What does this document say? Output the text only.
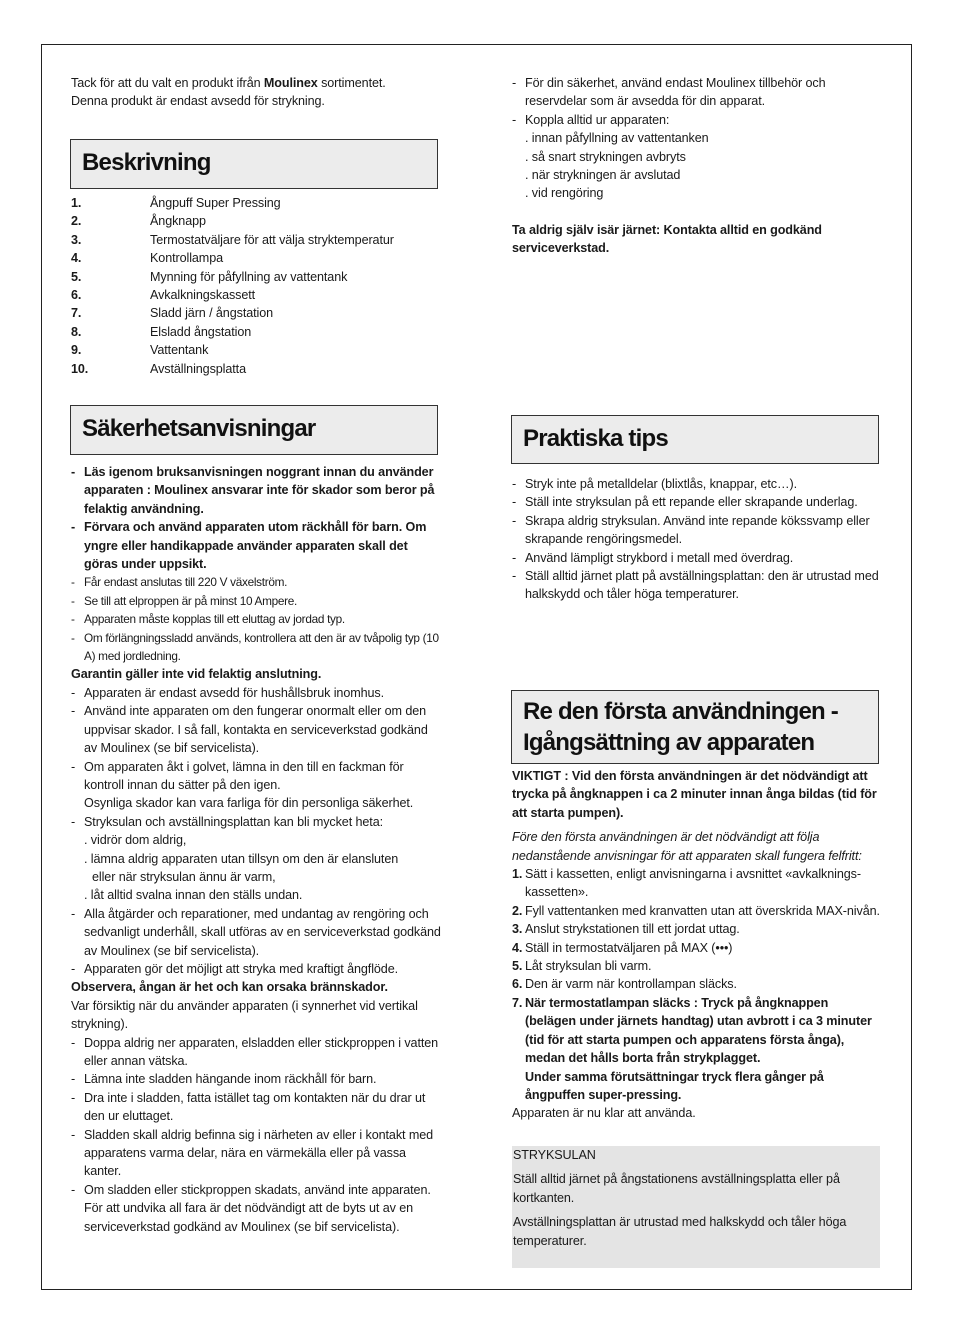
Tack för att du valt en produkt ifrån Moulinex sortimentet.

Denna produkt är endast avsedd för strykning.

Beskrivning
1.	Ångpuff Super Pressing
2.	Ångknapp
3.	Termostatväljare för att välja stryktemperatur
4.	Kontrollampa
5.	Mynning för påfyllning av vattentank
6.	Avkalkningskassett
7.	Sladd järn / ångstation
8.	Elsladd ångstation
9.	Vattentank
10.	Avställningsplatta
Säkerhetsanvisningar
- Läs igenom bruksanvisningen noggrant innan du använder apparaten : Moulinex ansvarar inte för skador som beror på felaktig användning.
- Förvara och använd apparaten utom räckhåll för barn. Om yngre eller handikappade använder apparaten skall det göras under uppsikt.
- Får endast anslutas till 220 V växelström.
- Se till att elproppen är på minst 10 Ampere.
- Apparaten måste kopplas till ett eluttag av jordad typ.
- Om förlängningssladd används, kontrollera att den är av tvåpolig typ (10 A) med jordledning.

Garantin gäller inte vid felaktig anslutning.

- Apparaten är endast avsedd för hushållsbruk inomhus.
- Använd inte apparaten om den fungerar onormalt eller om den uppvisar skador. I så fall, kontakta en serviceverkstad godkänd av Moulinex (se bif servicelista).
- Om apparaten åkt i golvet, lämna in den till en fackman för kontroll innan du sätter på den igen.

Osynliga skador kan vara farliga för din personliga säkerhet.

- Stryksulan och avställningsplattan kan bli mycket heta:

. vidrör dom aldrig,

. lämna aldrig apparaten utan tillsyn om den är elansluten

eller när stryksulan ännu är varm,

. låt alltid svalna innan den ställs undan.

- Alla åtgärder och reparationer, med undantag av rengöring och sedvanligt underhåll, skall utföras av en serviceverkstad godkänd av Moulinex (se bif servicelista).
- Apparaten gör det möjligt att stryka med kraftigt ångflöde.

Observera, ångan är het och kan orsaka brännskador.

Var försiktig när du använder apparaten (i synnerhet vid vertikal strykning).

- Doppa aldrig ner apparaten, elsladden eller stickproppen i vatten eller annan vätska.
- Lämna inte sladden hängande inom räckhåll för barn.
- Dra inte i sladden, fatta istället tag om kontakten när du drar ut den ur eluttaget.
- Sladden skall aldrig befinna sig i närheten av eller i kontakt med apparatens varma delar, nära en värmekälla eller på vassa kanter.
- Om sladden eller stickproppen skadats, använd inte apparaten. För att undvika all fara är det nödvändigt att de byts ut av en serviceverkstad godkänd av Moulinex (se bif servicelista).
- För din säkerhet, använd endast Moulinex tillbehör och reservdelar som är avsedda för din apparat.
- Koppla alltid ur apparaten:

. innan påfyllning av vattentanken

. så snart strykningen avbryts

. när strykningen är avslutad

. vid rengöring

Ta aldrig själv isär järnet: Kontakta alltid en godkänd serviceverkstad.

Praktiska tips
- Stryk inte på metalldelar (blixtlås, knappar, etc…).
- Ställ inte stryksulan på ett repande eller skrapande underlag.
- Skrapa aldrig stryksulan. Använd inte repande kökssvamp eller skrapande rengöringsmedel.
- Använd lämpligt strykbord i metall med överdrag.
- Ställ alltid järnet platt på avställningsplattan: den är utrustad med halkskydd och tåler höga temperaturer.
Re den första användningen -
Igångsättning av apparaten

VIKTIGT : Vid den första användningen är det nödvändigt att trycka på ångknappen i ca 2 minuter innan ånga bildas (tid för att starta pumpen).

Före den första användningen är det nödvändigt att följa nedanstående anvisningar för att apparaten skall fungera felfritt:

1. Sätt i kassetten, enligt anvisningarna i avsnittet «avkalknings-kassetten».
2. Fyll vattentanken med kranvatten utan att överskrida MAX-nivån.
3. Anslut strykstationen till ett jordat uttag.
4. Ställ in termostatväljaren på MAX (•••)
5. Låt stryksulan bli varm.
6. Den är varm när kontrollampan släcks.
7. När termostatlampan släcks : Tryck på ångknappen (belägen under järnets handtag) utan avbrott i ca 3 minuter (tid för att starta pumpen och apparatens första ånga), medan det hålls borta från strykplagget.
Under samma förutsättningar tryck flera gånger på ångpuffen super-pressing.

Apparaten är nu klar att använda.

STRYKSULAN

Ställ alltid järnet på ångstationens avställningsplatta eller på kortkanten.

Avställningsplattan är utrustad med halkskydd och tåler höga temperaturer.
